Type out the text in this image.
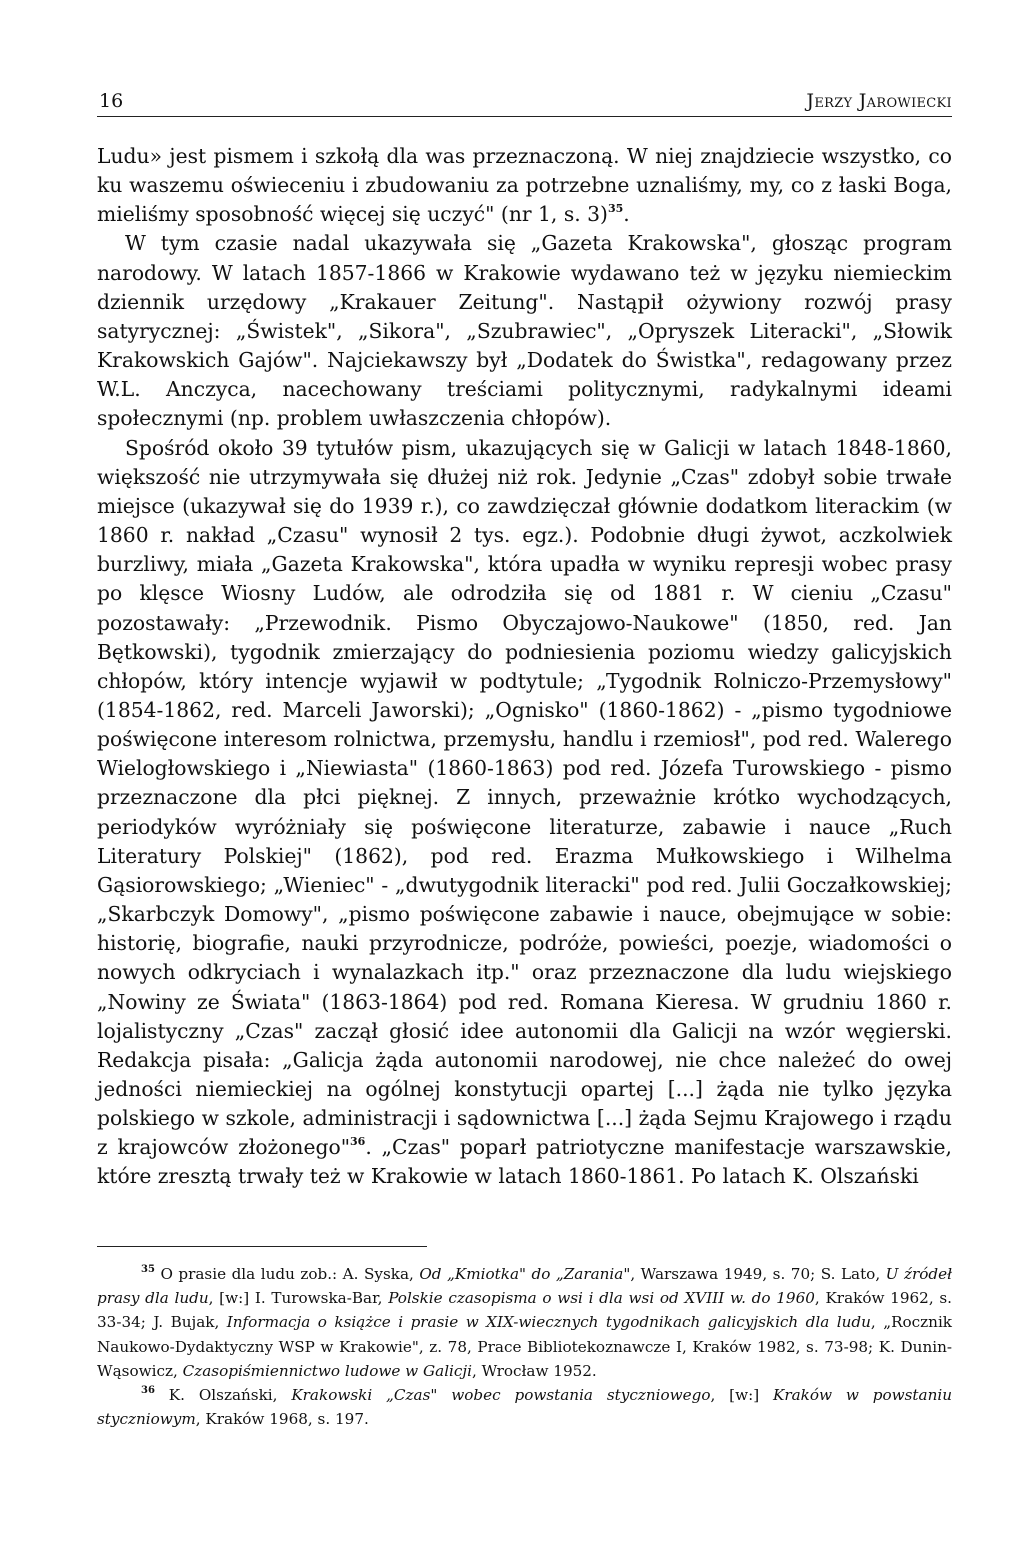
16	Jerzy Jarowiecki

Ludu» jest pismem i szkołą dla was przeznaczoną. W niej znajdziecie wszystko, co ku waszemu oświeceniu i zbudowaniu za potrzebne uznaliśmy, my, co z łaski Boga, mieliśmy sposobność więcej się uczyć" (nr 1, s. 3)$^{35}$.

W tym czasie nadal ukazywała się „Gazeta Krakowska", głosząc program narodowy. W latach 1857-1866 w Krakowie wydawano też w języku niemieckim dziennik urzędowy „Krakauer Zeitung". Nastąpił ożywiony rozwój prasy satyrycznej: „Świstek", „Sikora", „Szubrawiec", „Opryszek Literacki", „Słowik Krakowskich Gajów". Najciekawszy był „Dodatek do Świstka", redagowany przez W.L. Anczyca, nacechowany treściami politycznymi, radykalnymi ideami społecznymi (np. problem uwłaszczenia chłopów).

Spośród około 39 tytułów pism, ukazujących się w Galicji w latach 1848-1860, większość nie utrzymywała się dłużej niż rok. Jedynie „Czas" zdobył sobie trwałe miejsce (ukazywał się do 1939 r.), co zawdzięczał głównie dodatkom literackim (w 1860 r. nakład „Czasu" wynosił 2 tys. egz.). Podobnie długi żywot, aczkolwiek burzliwy, miała „Gazeta Krakowska", która upadła w wyniku represji wobec prasy po klęsce Wiosny Ludów, ale odrodziła się od 1881 r. W cieniu „Czasu" pozostawały: „Przewodnik. Pismo Obyczajowo-Naukowe" (1850, red. Jan Bętkowski), tygodnik zmierzający do podniesienia poziomu wiedzy galicyjskich chłopów, który intencje wyjawił w podtytule; „Tygodnik Rolniczo-Przemysłowy" (1854-1862, red. Marceli Jaworski); „Ognisko" (1860-1862) - „pismo tygodniowe poświęcone interesom rolnictwa, przemysłu, handlu i rzemiosł", pod red. Walerego Wielogłowskiego i „Niewiasta" (1860-1863) pod red. Józefa Turowskiego - pismo przeznaczone dla płci pięknej. Z innych, przeważnie krótko wychodzących, periodyków wyróżniały się poświęcone literaturze, zabawie i nauce „Ruch Literatury Polskiej" (1862), pod red. Erazma Mułkowskiego i Wilhelma Gąsiorowskiego; „Wieniec" - „dwutygodnik literacki" pod red. Julii Goczałkowskiej; „Skarbczyk Domowy", „pismo poświęcone zabawie i nauce, obejmujące w sobie: historię, biografie, nauki przyrodnicze, podróże, powieści, poezje, wiadomości o nowych odkryciach i wynalazkach itp." oraz przeznaczone dla ludu wiejskiego „Nowiny ze Świata" (1863-1864) pod red. Romana Kieresa. W grudniu 1860 r. lojalistyczny „Czas" zaczął głosić idee autonomii dla Galicji na wzór węgierski. Redakcja pisała: „Galicja żąda autonomii narodowej, nie chce należeć do owej jedności niemieckiej na ogólnej konstytucji opartej [...] żąda nie tylko języka polskiego w szkole, administracji i sądownictwa [...] żąda Sejmu Krajowego i rządu z krajowców złożonego"$^{36}$. „Czas" poparł patriotyczne manifestacje warszawskie, które zresztą trwały też w Krakowie w latach 1860-1861. Po latach K. Olszański

$^{35}$ O prasie dla ludu zob.: A. Syska, Od „Kmiotka" do „Zarania", Warszawa 1949, s. 70; S. Lato, U źródeł prasy dla ludu, [w:] I. Turowska-Bar, Polskie czasopisma o wsi i dla wsi od XVIII w. do 1960, Kraków 1962, s. 33-34; J. Bujak, Informacja o książce i prasie w XIX-wiecznych tygodnikach galicyjskich dla ludu, „Rocznik Naukowo-Dydaktyczny WSP w Krakowie", z. 78, Prace Bibliotekoznawcze I, Kraków 1982, s. 73-98; K. Dunin-Wąsowicz, Czasopiśmiennictwo ludowe w Galicji, Wrocław 1952.

$^{36}$ K. Olszański, Krakowski „Czas" wobec powstania styczniowego, [w:] Kraków w powstaniu styczniowym, Kraków 1968, s. 197.
